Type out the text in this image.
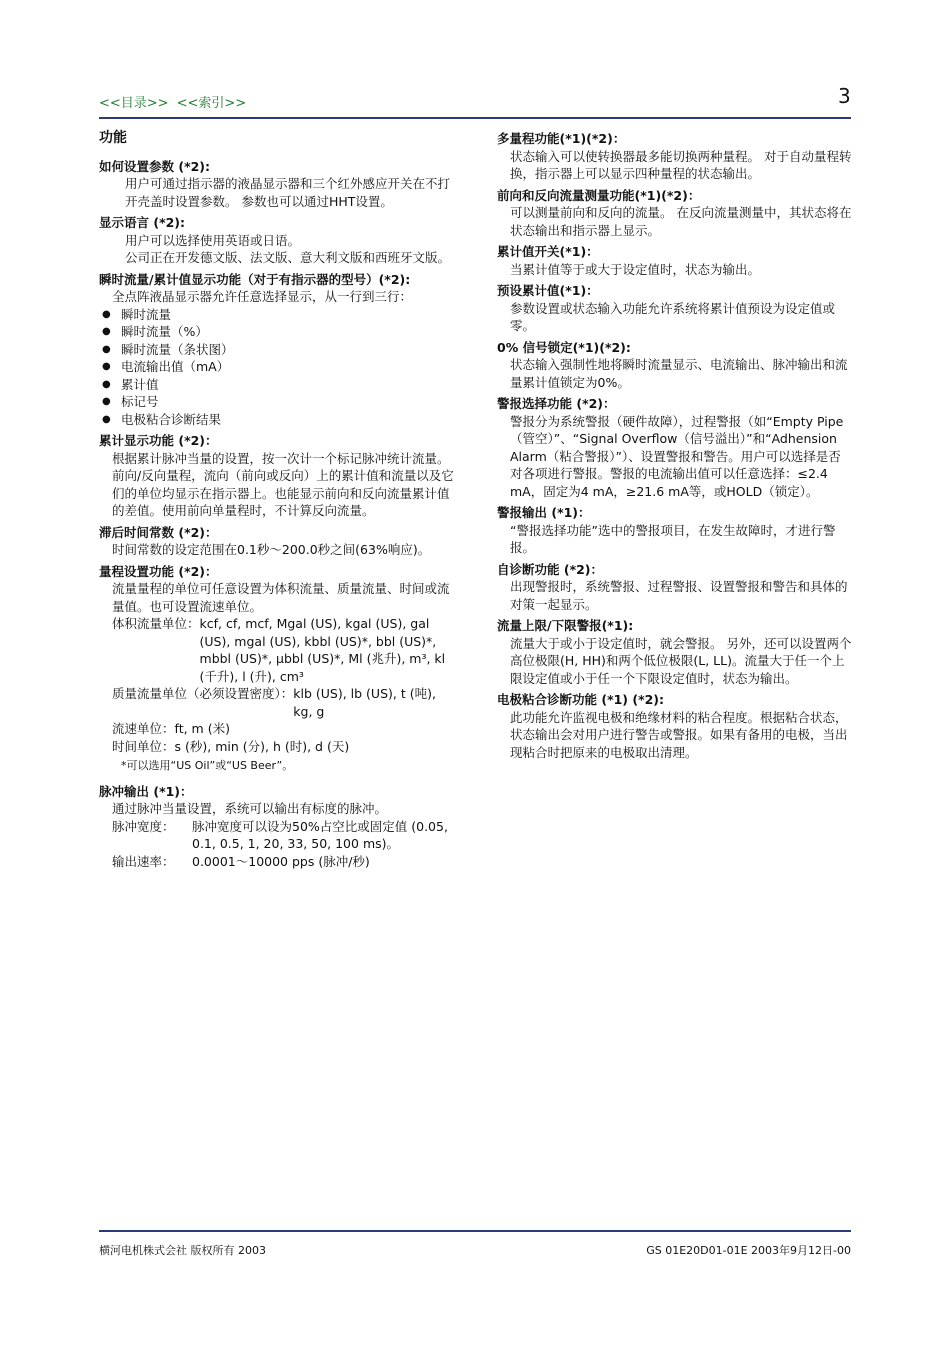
<<目录>> <<索引>>	3
功能
如何设置参数 (*2):
用户可通过指示器的液晶显示器和三个红外感应开关在不打开壳盖时设置参数。 参数也可以通过HHT设置。
显示语言 (*2):
用户可以选择使用英语或日语。
公司正在开发德文版、法文版、意大利文版和西班牙文版。
瞬时流量/累计值显示功能（对于有指示器的型号）(*2):
全点阵液晶显示器允许任意选择显示，从一行到三行：
● 瞬时流量
● 瞬时流量（%）
● 瞬时流量（条状图）
● 电流输出值（mA）
● 累计值
● 标记号
● 电极粘合诊断结果
累计显示功能 (*2)：
根据累计脉冲当量的设置，按一次计一个标记脉冲统计流量。前向/反向量程，流向（前向或反向）上的累计值和流量以及它们的单位均显示在指示器上。也能显示前向和反向流量累计值的差值。使用前向单量程时，不计算反向流量。
滞后时间常数 (*2)：
时间常数的设定范围在0.1秒～200.0秒之间(63%响应)。
量程设置功能 (*2)：
流量量程的单位可任意设置为体积流量、质量流量、时间或流量值。也可设置流速单位。
体积流量单位： kcf, cf, mcf, Mgal (US), kgal (US), gal (US), mgal (US), kbbl (US)*, bbl (US)*, mbbl (US)*, µbbl (US)*, Ml (兆升), m³, kl (千升), l (升), cm³
质量流量单位（必须设置密度）： klb (US), lb (US), t (吨), kg, g
流速单位： ft, m (米)
时间单位： s (秒), min (分), h (时), d (天)
*可以选用“US Oil”或“US Beer”。
脉冲输出 (*1)：
通过脉冲当量设置，系统可以输出有标度的脉冲。
脉冲宽度：	脉冲宽度可以设为50%占空比或固定值 (0.05, 0.1, 0.5, 1, 20, 33, 50, 100 ms)。
输出速率：	0.0001～10000 pps (脉冲/秒)
多量程功能(*1)(*2)：
状态输入可以使转换器最多能切换两种量程。 对于自动量程转换，指示器上可以显示四种量程的状态输出。
前向和反向流量测量功能(*1)(*2)：
可以测量前向和反向的流量。 在反向流量测量中，其状态将在状态输出和指示器上显示。
累计值开关(*1)：
当累计值等于或大于设定值时，状态为输出。
预设累计值(*1)：
参数设置或状态输入功能允许系统将累计值预设为设定值或零。
0% 信号锁定(*1)(*2):
状态输入强制性地将瞬时流量显示、电流输出、脉冲输出和流量累计值锁定为0%。
警报选择功能 (*2)：
警报分为系统警报（硬件故障），过程警报（如“Empty Pipe（管空）”、“Signal Overflow（信号溢出）”和“Adhension Alarm（粘合警报）”）、设置警报和警告。用户可以选择是否对各项进行警报。警报的电流输出值可以任意选择：≤2.4 mA，固定为4 mA，≥21.6 mA等，或HOLD（锁定）。
警报输出 (*1)：
“警报选择功能”选中的警报项目，在发生故障时，才进行警报。
自诊断功能 (*2)：
出现警报时，系统警报、过程警报、设置警报和警告和具体的对策一起显示。
流量上限/下限警报(*1):
流量大于或小于设定值时，就会警报。 另外，还可以设置两个高位极限(H, HH)和两个低位极限(L, LL)。流量大于任一个上限设定值或小于任一个下限设定值时，状态为输出。
电极粘合诊断功能 (*1) (*2):
此功能允许监视电极和绝缘材料的粘合程度。根据粘合状态，状态输出会对用户进行警告或警报。如果有备用的电极，当出现粘合时把原来的电极取出清理。
横河电机株式会社 版权所有 2003	GS 01E20D01-01E 2003年9月12日-00
